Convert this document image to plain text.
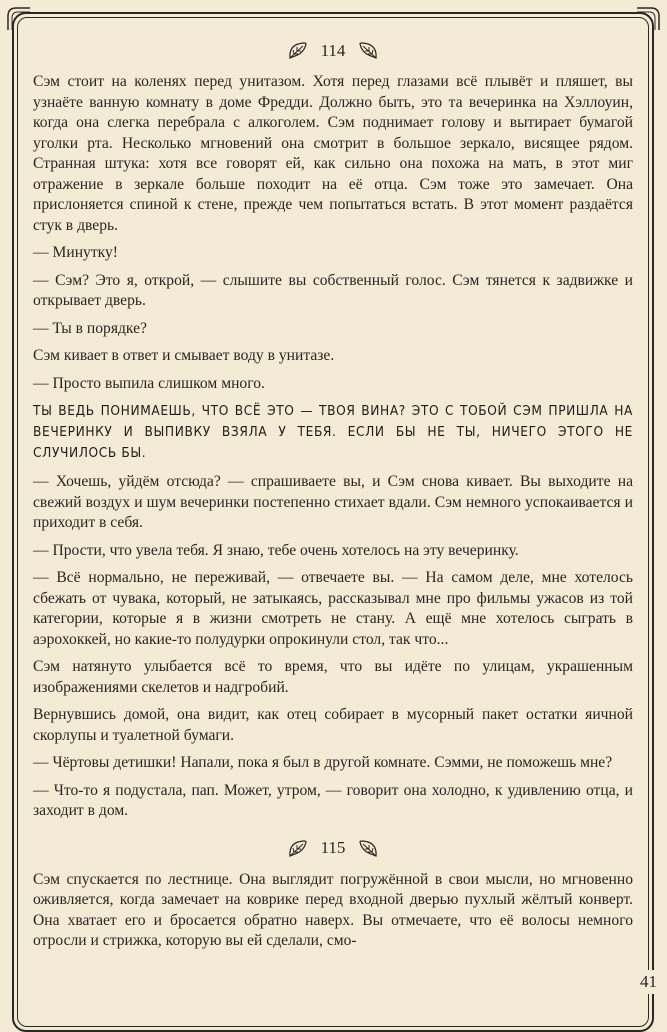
114

Сэм стоит на коленях перед унитазом. Хотя перед глазами всё плывёт и пляшет, вы узнаёте ванную комнату в доме Фредди. Должно быть, это та вечеринка на Хэллоуин, когда она слегка перебрала с алкоголем. Сэм поднимает голову и вытирает бумагой уголки рта. Несколько мгновений она смотрит в большое зеркало, висящее рядом. Странная штука: хотя все говорят ей, как сильно она похожа на мать, в этот миг отражение в зеркале больше походит на её отца. Сэм тоже это замечает. Она прислоняется спиной к стене, прежде чем попытаться встать. В этот момент раздаётся стук в дверь.

— Минутку!

— Сэм? Это я, открой, — слышите вы собственный голос. Сэм тянется к задвижке и открывает дверь.

— Ты в порядке?

Сэм кивает в ответ и смывает воду в унитазе.

— Просто выпила слишком много.

ТЫ ВЕДЬ ПОНИМАЕШЬ, ЧТО ВСЁ ЭТО — ТВОЯ ВИНА? ЭТО С ТОБОЙ СЭМ ПРИШЛА НА ВЕЧЕРИНКУ И ВЫПИВКУ ВЗЯЛА У ТЕБЯ. ЕСЛИ БЫ НЕ ТЫ, НИЧЕГО ЭТОГО НЕ СЛУЧИЛОСЬ БЫ.

— Хочешь, уйдём отсюда? — спрашиваете вы, и Сэм снова кивает. Вы выходите на свежий воздух и шум вечеринки постепенно стихает вдали. Сэм немного успокаивается и приходит в себя.

— Прости, что увела тебя. Я знаю, тебе очень хотелось на эту вечеринку.

— Всё нормально, не переживай, — отвечаете вы. — На самом деле, мне хотелось сбежать от чувака, который, не затыкаясь, рассказывал мне про фильмы ужасов из той категории, которые я в жизни смотреть не стану. А ещё мне хотелось сыграть в аэрохоккей, но какие-то полудурки опрокинули стол, так что...

Сэм натянуто улыбается всё то время, что вы идёте по улицам, украшенным изображениями скелетов и надгробий.

Вернувшись домой, она видит, как отец собирает в мусорный пакет остатки яичной скорлупы и туалетной бумаги.

— Чёртовы детишки! Напали, пока я был в другой комнате. Сэмми, не поможешь мне?

— Что-то я подустала, пап. Может, утром, — говорит она холодно, к удивлению отца, и заходит в дом.

115

Сэм спускается по лестнице. Она выглядит погружённой в свои мысли, но мгновенно оживляется, когда замечает на коврике перед входной дверью пухлый жёлтый конверт. Она хватает его и бросается обратно наверх. Вы отмечаете, что её волосы немного отросли и стрижка, которую вы ей сделали, смо-

41
